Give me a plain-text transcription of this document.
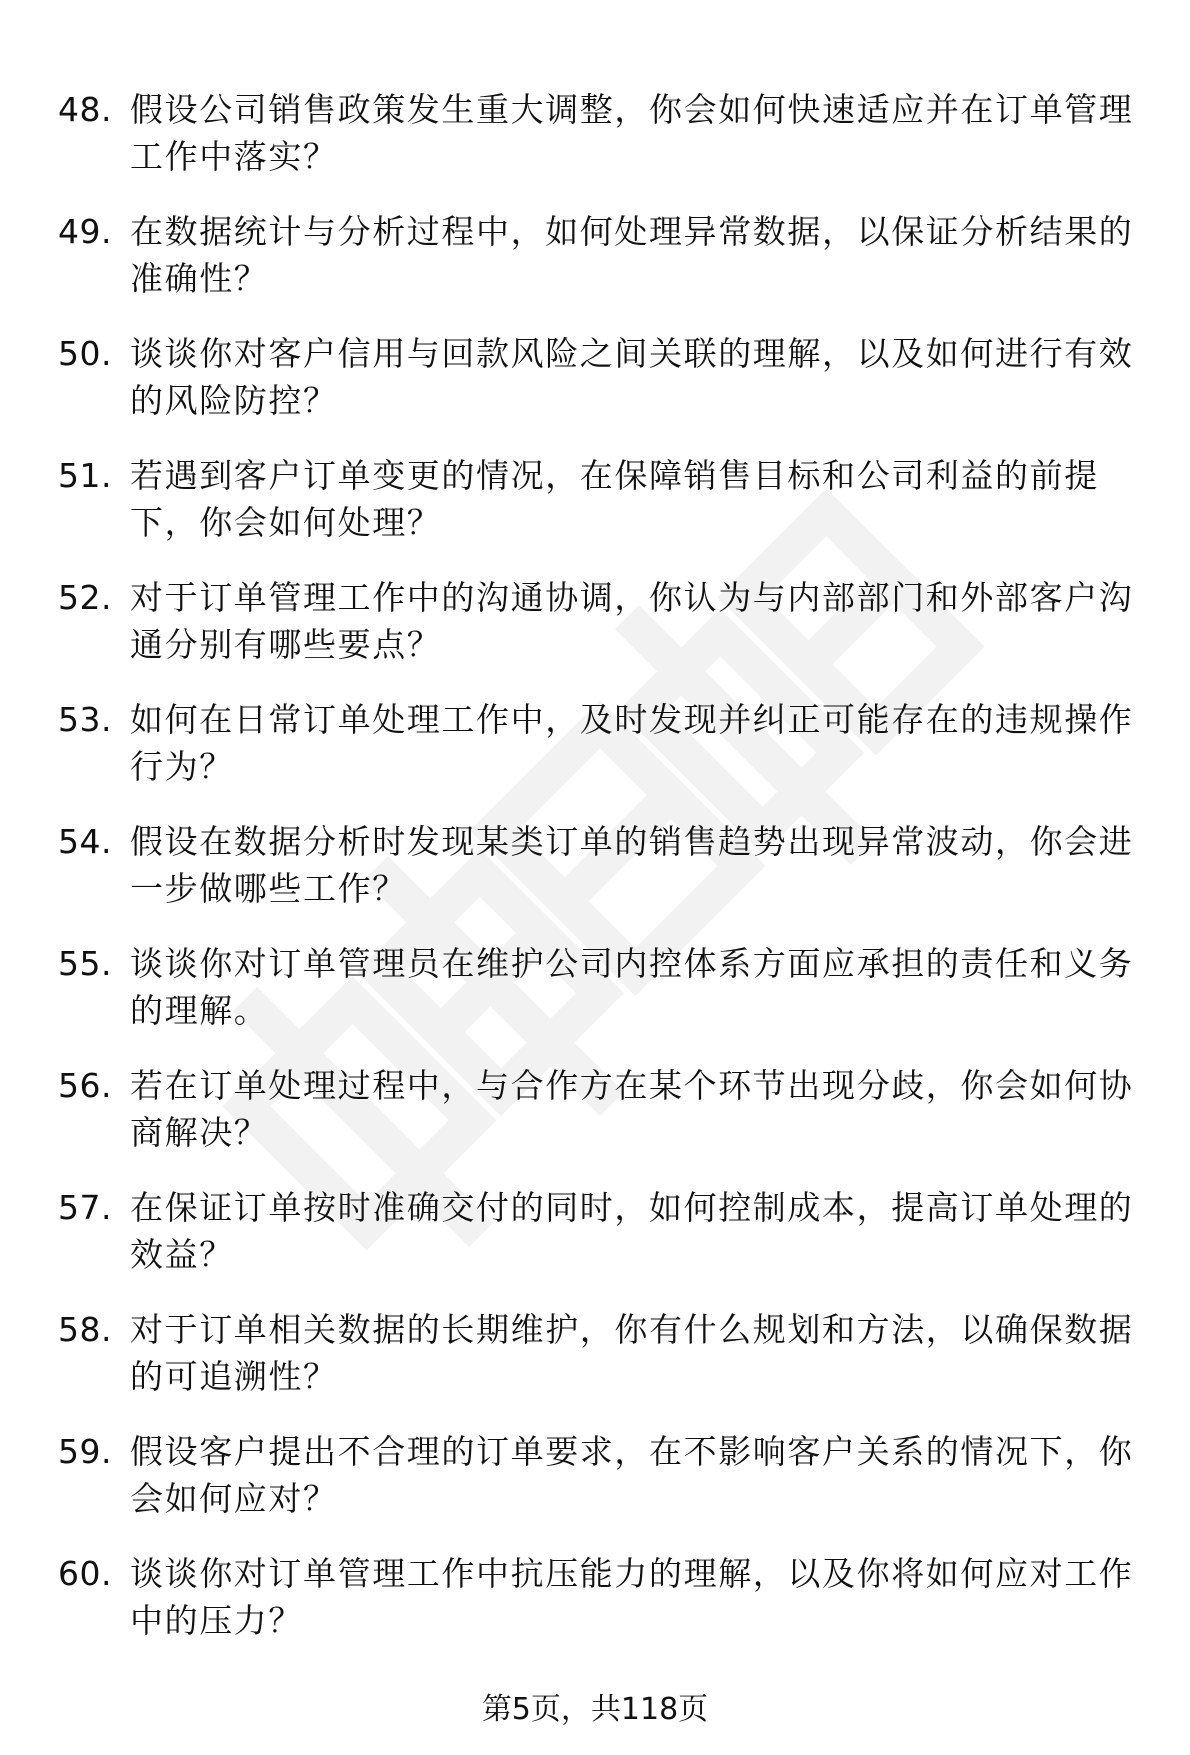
48. 假设公司销售政策发生重大调整，你会如何快速适应并在订单管理工作中落实？
49. 在数据统计与分析过程中，如何处理异常数据，以保证分析结果的准确性？
50. 谈谈你对客户信用与回款风险之间关联的理解，以及如何进行有效的风险防控？
51. 若遇到客户订单变更的情况，在保障销售目标和公司利益的前提下，你会如何处理？
52. 对于订单管理工作中的沟通协调，你认为与内部部门和外部客户沟通分别有哪些要点？
53. 如何在日常订单处理工作中，及时发现并纠正可能存在的违规操作行为？
54. 假设在数据分析时发现某类订单的销售趋势出现异常波动，你会进一步做哪些工作？
55. 谈谈你对订单管理员在维护公司内控体系方面应承担的责任和义务的理解。
56. 若在订单处理过程中，与合作方在某个环节出现分歧，你会如何协商解决？
57. 在保证订单按时准确交付的同时，如何控制成本，提高订单处理的效益？
58. 对于订单相关数据的长期维护，你有什么规划和方法，以确保数据的可追溯性？
59. 假设客户提出不合理的订单要求，在不影响客户关系的情况下，你会如何应对？
60. 谈谈你对订单管理工作中抗压能力的理解，以及你将如何应对工作中的压力？
第5页，共118页
